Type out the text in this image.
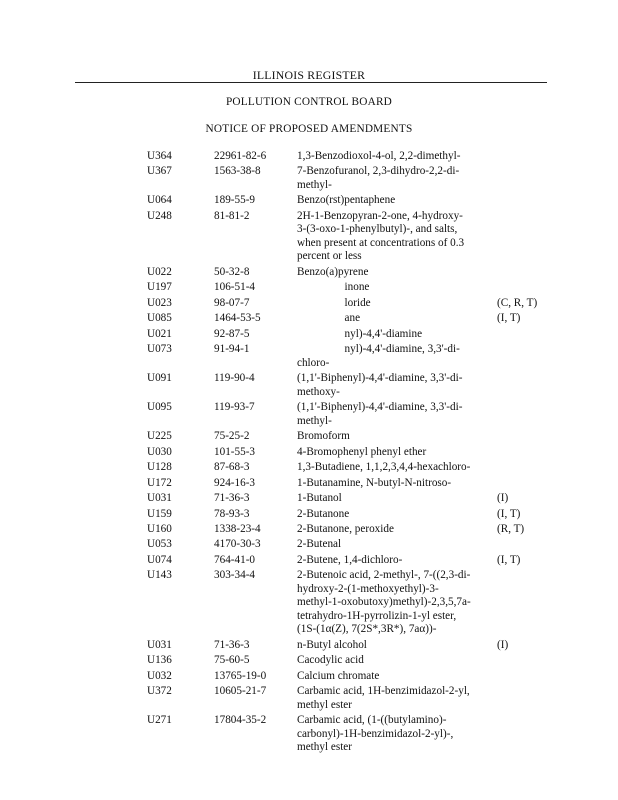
ILLINOIS REGISTER
POLLUTION CONTROL BOARD
NOTICE OF PROPOSED AMENDMENTS
U364	22961-82-6	1,3-Benzodioxol-4-ol, 2,2-dimethyl-
U367	1563-38-8	7-Benzofuranol, 2,3-dihydro-2,2-di-
methyl-
U064	189-55-9	Benzo(rst)pentaphene
U248	81-81-2	2H-1-Benzopyran-2-one, 4-hydroxy-
3-(3-oxo-1-phenylbutyl)-, and salts,
when present at concentrations of 0.3
percent or less
U022	50-32-8	Benzo(a)pyrene
U197	106-51-4	inone
U023	98-07-7	loride	(C, R, T)
U085	1464-53-5	ane	(I, T)
U021	92-87-5	nyl)-4,4'-diamine
U073	91-94-1	nyl)-4,4'-diamine, 3,3'-di-
chloro-
U091	119-90-4	(1,1'-Biphenyl)-4,4'-diamine, 3,3'-di-
methoxy-
U095	119-93-7	(1,1'-Biphenyl)-4,4'-diamine, 3,3'-di-
methyl-
U225	75-25-2	Bromoform
U030	101-55-3	4-Bromophenyl phenyl ether
U128	87-68-3	1,3-Butadiene, 1,1,2,3,4,4-hexachloro-
U172	924-16-3	1-Butanamine, N-butyl-N-nitroso-
U031	71-36-3	1-Butanol	(I)
U159	78-93-3	2-Butanone	(I, T)
U160	1338-23-4	2-Butanone, peroxide	(R, T)
U053	4170-30-3	2-Butenal
U074	764-41-0	2-Butene, 1,4-dichloro-	(I, T)
U143	303-34-4	2-Butenoic acid, 2-methyl-, 7-((2,3-di-
hydroxy-2-(1-methoxyethyl)-3-
methyl-1-oxobutoxy)methyl)-2,3,5,7a-
tetrahydro-1H-pyrrolizin-1-yl ester,
(1S-(1α(Z), 7(2S*,3R*), 7aα))-
U031	71-36-3	n-Butyl alcohol	(I)
U136	75-60-5	Cacodylic acid
U032	13765-19-0	Calcium chromate
U372	10605-21-7	Carbamic acid, 1H-benzimidazol-2-yl,
methyl ester
U271	17804-35-2	Carbamic acid, (1-((butylamino)-
carbonyl)-1H-benzimidazol-2-yl)-,
methyl ester
